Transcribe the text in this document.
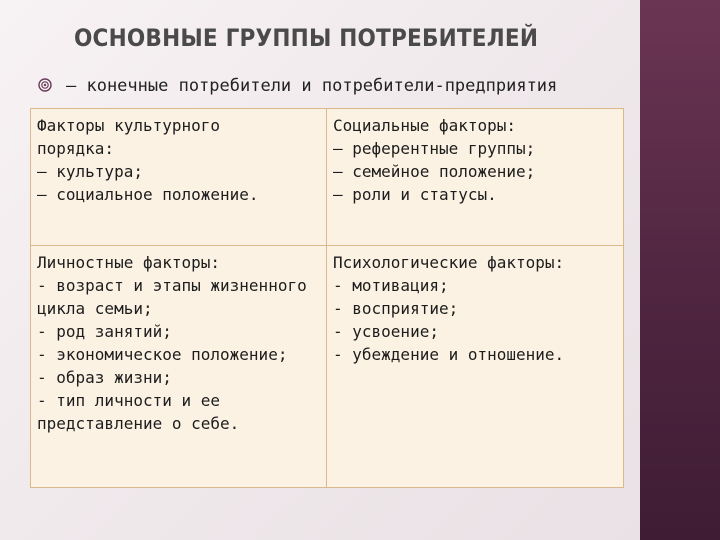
ОСНОВНЫЕ ГРУППЫ ПОТРЕБИТЕЛЕЙ
– конечные потребители и потребители-предприятия
Факторы культурного
порядка:
– культура;
– социальное положение.
Социальные факторы:
– референтные группы;
– семейное положение;
– роли и статусы.
Личностные факторы:
- возраст и этапы жизненного
цикла семьи;
- род занятий;
- экономическое положение;
- образ жизни;
- тип личности и ее
представление о себе.
Психологические факторы:
- мотивация;
- восприятие;
- усвоение;
- убеждение и отношение.
